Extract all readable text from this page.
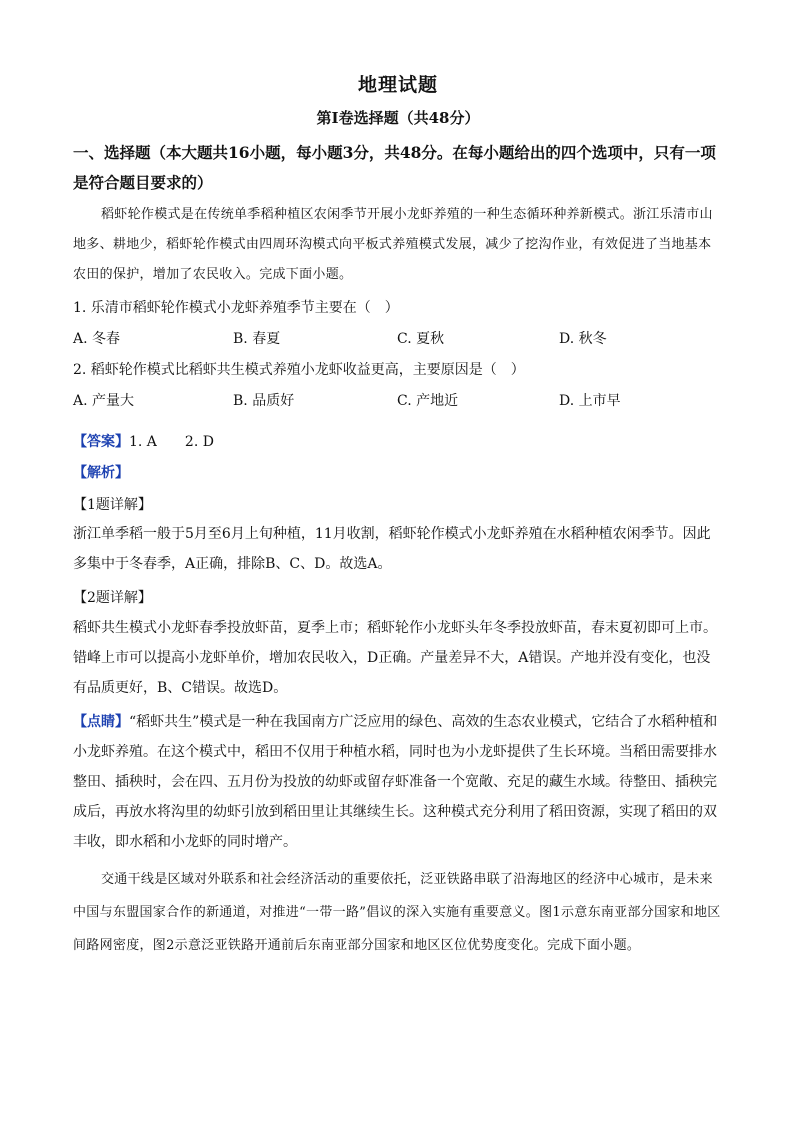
地理试题
第Ⅰ卷选择题（共48分）
一、选择题（本大题共16小题，每小题3分，共48分。在每小题给出的四个选项中，只有一项是符合题目要求的）
稻虾轮作模式是在传统单季稻种植区农闲季节开展小龙虾养殖的一种生态循环种养新模式。浙江乐清市山地多、耕地少，稻虾轮作模式由四周环沟模式向平板式养殖模式发展，减少了挖沟作业，有效促进了当地基本农田的保护，增加了农民收入。完成下面小题。
1. 乐清市稻虾轮作模式小龙虾养殖季节主要在（　）
A. 冬春	B. 春夏	C. 夏秋	D. 秋冬
2. 稻虾轮作模式比稻虾共生模式养殖小龙虾收益更高，主要原因是（　）
A. 产量大	B. 品质好	C. 产地近	D. 上市早
【答案】1. A　　2. D
【解析】
【1题详解】
浙江单季稻一般于5月至6月上旬种植，11月收割，稻虾轮作模式小龙虾养殖在水稻种植农闲季节。因此多集中于冬春季，A正确，排除B、C、D。故选A。
【2题详解】
稻虾共生模式小龙虾春季投放虾苗，夏季上市；稻虾轮作小龙虾头年冬季投放虾苗，春末夏初即可上市。错峰上市可以提高小龙虾单价，增加农民收入，D正确。产量差异不大，A错误。产地并没有变化，也没有品质更好，B、C错误。故选D。
【点睛】“稻虾共生”模式是一种在我国南方广泛应用的绿色、高效的生态农业模式，它结合了水稻种植和小龙虾养殖。在这个模式中，稻田不仅用于种植水稻，同时也为小龙虾提供了生长环境。当稻田需要排水整田、插秧时，会在四、五月份为投放的幼虾或留存虾准备一个宽敞、充足的藏生水域。待整田、插秧完成后，再放水将沟里的幼虾引放到稻田里让其继续生长。这种模式充分利用了稻田资源，实现了稻田的双丰收，即水稻和小龙虾的同时增产。
交通干线是区域对外联系和社会经济活动的重要依托，泛亚铁路串联了沿海地区的经济中心城市，是未来中国与东盟国家合作的新通道，对推进“一带一路”倡议的深入实施有重要意义。图1示意东南亚部分国家和地区间路网密度，图2示意泛亚铁路开通前后东南亚部分国家和地区区位优势度变化。完成下面小题。
